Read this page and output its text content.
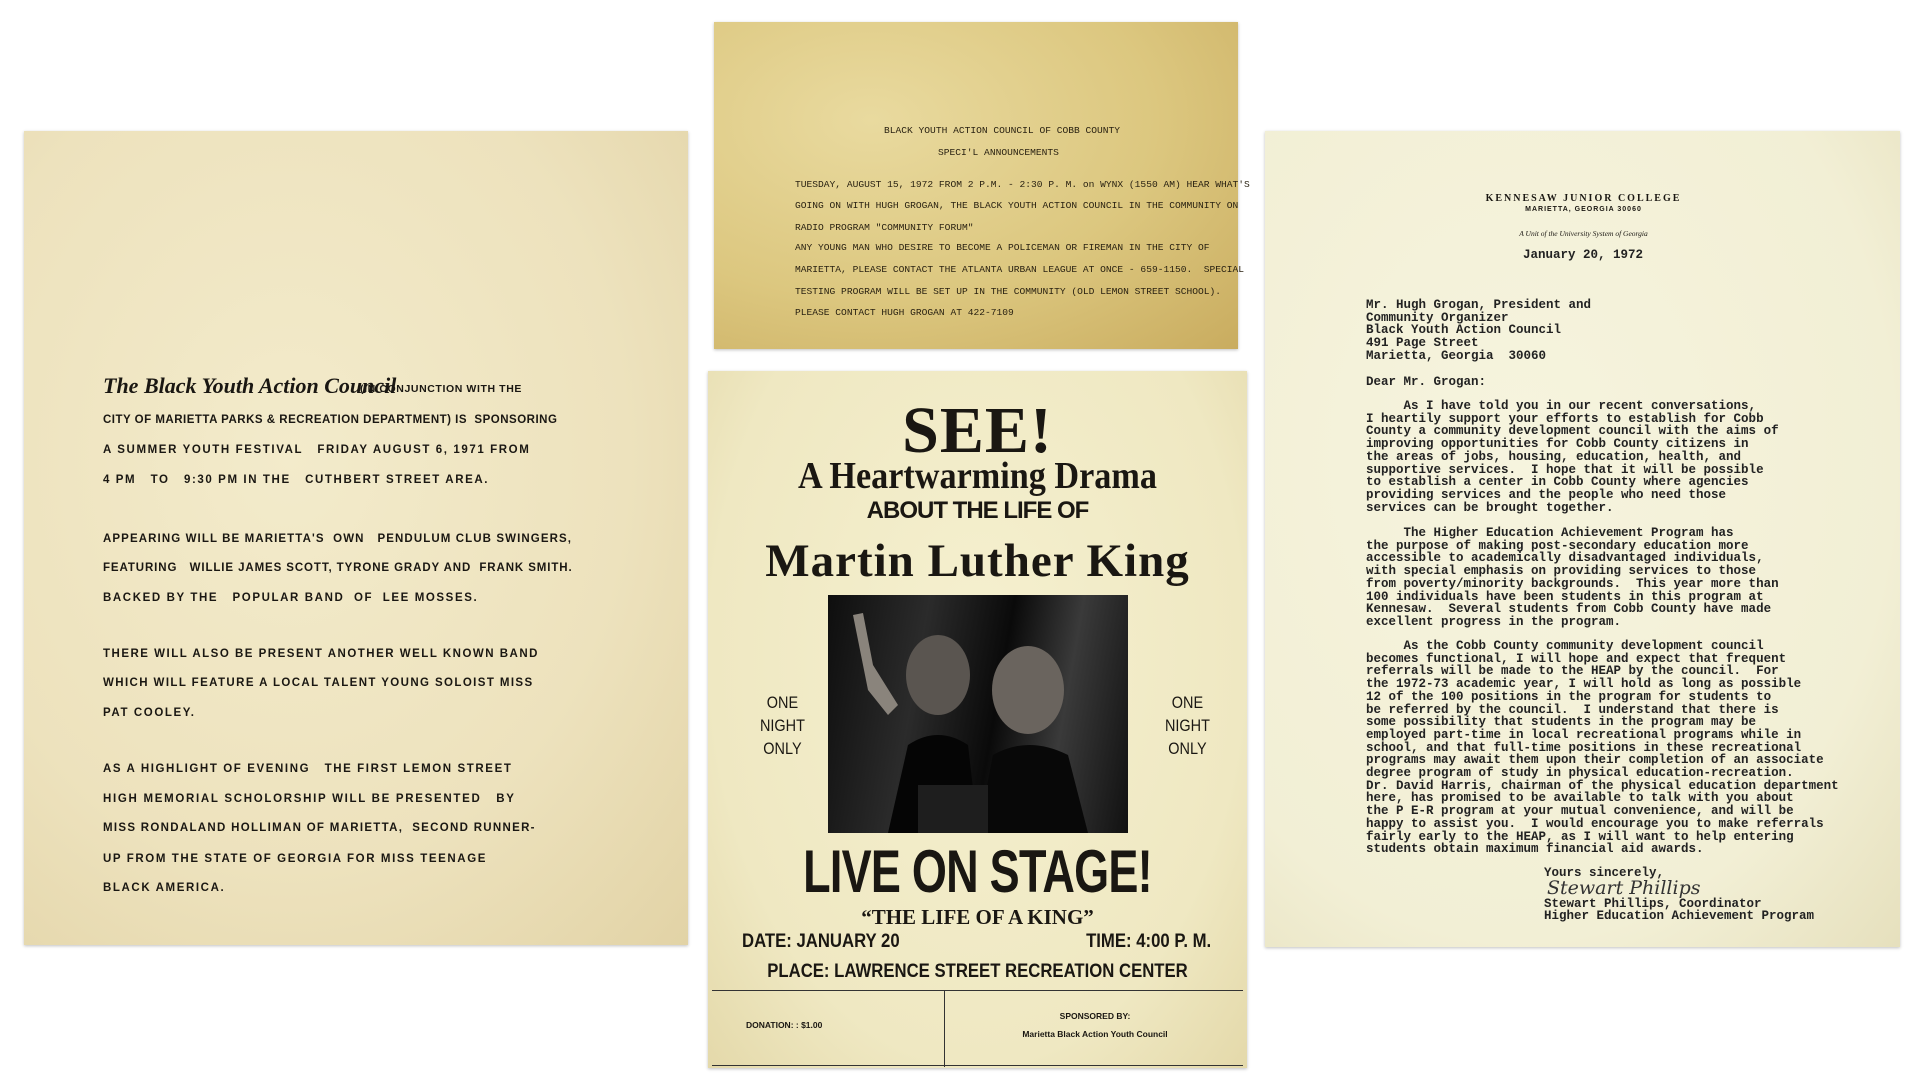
The Black Youth Action Council
(IN CONJUNCTION WITH THE
CITY OF MARIETTA PARKS & RECREATION DEPARTMENT) IS  SPONSORING
A SUMMER YOUTH FESTIVAL   FRIDAY AUGUST 6, 1971 FROM
4 PM   TO   9:30 PM IN THE   CUTHBERT STREET AREA.
APPEARING WILL BE MARIETTA'S  OWN   PENDULUM CLUB SWINGERS,
FEATURING   WILLIE JAMES SCOTT, TYRONE GRADY AND  FRANK SMITH.
BACKED BY THE   POPULAR BAND  OF  LEE MOSSES.
THERE WILL ALSO BE PRESENT ANOTHER WELL KNOWN BAND
WHICH WILL FEATURE A LOCAL TALENT YOUNG SOLOIST MISS
PAT COOLEY.
AS A HIGHLIGHT OF EVENING   THE FIRST LEMON STREET
HIGH MEMORIAL SCHOLORSHIP WILL BE PRESENTED   BY
MISS RONDALAND HOLLIMAN OF MARIETTA,  SECOND RUNNER-
UP FROM THE STATE OF GEORGIA FOR MISS TEENAGE
BLACK AMERICA.
BLACK YOUTH ACTION COUNCIL OF COBB COUNTY
SPECI'L ANNOUNCEMENTS
TUESDAY, AUGUST 15, 1972 FROM 2 P.M. - 2:30 P. M. on WYNX (1550 AM) HEAR WHAT'S
GOING ON WITH HUGH GROGAN, THE BLACK YOUTH ACTION COUNCIL IN THE COMMUNITY ON
RADIO PROGRAM "COMMUNITY FORUM"
ANY YOUNG MAN WHO DESIRE TO BECOME A POLICEMAN OR FIREMAN IN THE CITY OF
MARIETTA, PLEASE CONTACT THE ATLANTA URBAN LEAGUE AT ONCE - 659-1150.  SPECIAL
TESTING PROGRAM WILL BE SET UP IN THE COMMUNITY (OLD LEMON STREET SCHOOL).
PLEASE CONTACT HUGH GROGAN AT 422-7109
SEE!
A Heartwarming Drama
ABOUT THE LIFE OF
Martin Luther King
ONE
NIGHT
ONLY
ONE
NIGHT
ONLY
LIVE ON STAGE!
“THE LIFE OF A KING”
DATE: JANUARY 20	TIME: 4:00 P. M.
PLACE: LAWRENCE STREET RECREATION CENTER
DONATION: : $1.00
SPONSORED BY:
Marietta Black Action Youth Council
KENNESAW JUNIOR COLLEGE
MARIETTA, GEORGIA 30060
A Unit of the University System of Georgia
January 20, 1972
Mr. Hugh Grogan, President and
Community Organizer
Black Youth Action Council
491 Page Street
Marietta, Georgia  30060
Dear Mr. Grogan:
As I have told you in our recent conversations,
I heartily support your efforts to establish for Cobb
County a community development council with the aims of
improving opportunities for Cobb County citizens in
the areas of jobs, housing, education, health, and
supportive services.  I hope that it will be possible
to establish a center in Cobb County where agencies
providing services and the people who need those
services can be brought together.
The Higher Education Achievement Program has
the purpose of making post-secondary education more
accessible to academically disadvantaged individuals,
with special emphasis on providing services to those
from poverty/minority backgrounds.  This year more than
100 individuals have been students in this program at
Kennesaw.  Several students from Cobb County have made
excellent progress in the program.
As the Cobb County community development council
becomes functional, I will hope and expect that frequent
referrals will be made to the HEAP by the council.  For
the 1972-73 academic year, I will hold as long as possible
12 of the 100 positions in the program for students to
be referred by the council.  I understand that there is
some possibility that students in the program may be
employed part-time in local recreational programs while in
school, and that full-time positions in these recreational
programs may await them upon their completion of an associate
degree program of study in physical education-recreation.
Dr. David Harris, chairman of the physical education department
here, has promised to be available to talk with you about
the P E-R program at your mutual convenience, and will be
happy to assist you.  I would encourage you to make referrals
fairly early to the HEAP, as I will want to help entering
students obtain maximum financial aid awards.
Yours sincerely,
Stewart Phillips
Stewart Phillips, Coordinator
Higher Education Achievement Program
